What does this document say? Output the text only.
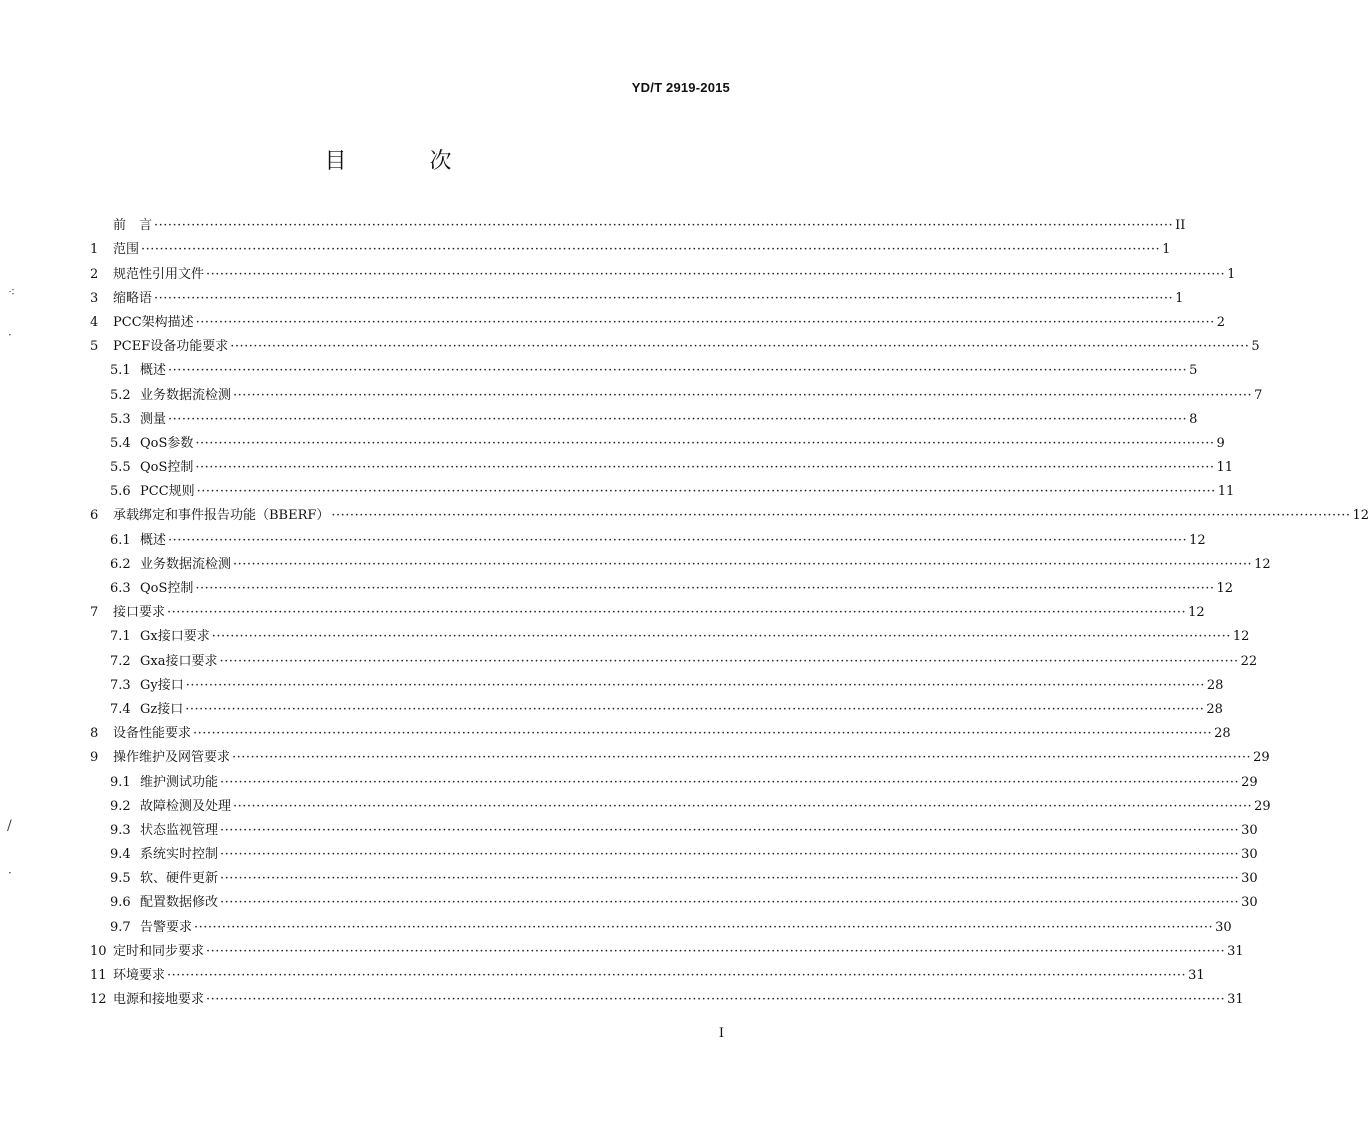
YD/T 2919-2015
目 次
⁖
·
/
·
前　言 ···························································································································································································································· II
1	范围 ···························································································································································································································· 1
2	规范性引用文件 ···························································································································································································································· 1
3	缩略语 ···························································································································································································································· 1
4	PCC架构描述 ···························································································································································································································· 2
5	PCEF设备功能要求 ···························································································································································································································· 5
5.1 概述 ···························································································································································································································· 5
5.2 业务数据流检测 ···························································································································································································································· 7
5.3 测量 ···························································································································································································································· 8
5.4 QoS参数 ···························································································································································································································· 9
5.5 QoS控制 ···························································································································································································································· 11
5.6 PCC规则 ···························································································································································································································· 11
6	承载绑定和事件报告功能（BBERF） ···························································································································································································································· 12
6.1 概述 ···························································································································································································································· 12
6.2 业务数据流检测 ···························································································································································································································· 12
6.3 QoS控制 ···························································································································································································································· 12
7	接口要求 ···························································································································································································································· 12
7.1 Gx接口要求 ···························································································································································································································· 12
7.2 Gxa接口要求 ···························································································································································································································· 22
7.3 Gy接口 ···························································································································································································································· 28
7.4 Gz接口 ···························································································································································································································· 28
8	设备性能要求 ···························································································································································································································· 28
9	操作维护及网管要求 ···························································································································································································································· 29
9.1 维护测试功能 ···························································································································································································································· 29
9.2 故障检测及处理 ···························································································································································································································· 29
9.3 状态监视管理 ···························································································································································································································· 30
9.4 系统实时控制 ···························································································································································································································· 30
9.5 软、硬件更新 ···························································································································································································································· 30
9.6 配置数据修改 ···························································································································································································································· 30
9.7 告警要求 ···························································································································································································································· 30
10 定时和同步要求 ···························································································································································································································· 31
11 环境要求 ···························································································································································································································· 31
12 电源和接地要求 ···························································································································································································································· 31
I
